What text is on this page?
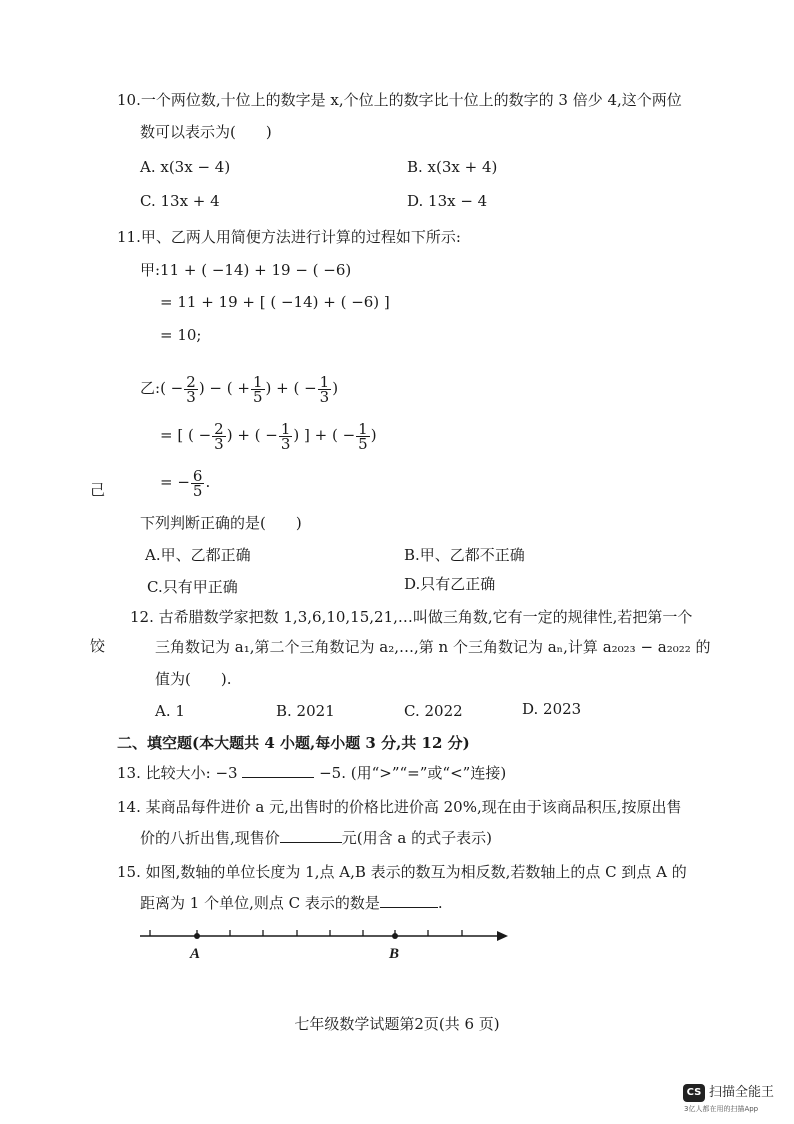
10.一个两位数,十位上的数字是 x,个位上的数字比十位上的数字的 3 倍少 4,这个两位
数可以表示为(　　)
A. x(3x − 4)	B. x(3x + 4)
C. 13x + 4	D. 13x − 4
11.甲、乙两人用简便方法进行计算的过程如下所示:
甲:11 + ( −14) + 19 − ( −6)
= 11 + 19 + [ ( −14) + ( −6) ]
= 10;
乙:( − $\frac{2}{3}$ ) − ( + $\frac{1}{5}$ ) + ( − $\frac{1}{3}$ )
= [ ( − $\frac{2}{3}$ ) + ( − $\frac{1}{3}$ ) ] + ( − $\frac{1}{5}$ )
= − $\frac{6}{5}$ .
己
下列判断正确的是(　　)
A.甲、乙都正确	B.甲、乙都不正确
C.只有甲正确	D.只有乙正确
12. 古希腊数学家把数 1,3,6,10,15,21,…叫做三角数,它有一定的规律性,若把第一个
饺	三角数记为 a₁,第二个三角数记为 a₂,…,第 n 个三角数记为 aₙ,计算 a₂₀₂₃ − a₂₀₂₂ 的
值为(　　).
A. 1	B. 2021	C. 2022	D. 2023
二、填空题(本大题共 4 小题,每小题 3 分,共 12 分)
13. 比较大小: −3	−5. (用“>”“=”或“<”连接)
14. 某商品每件进价 a 元,出售时的价格比进价高 20%,现在由于该商品积压,按原出售
价的八折出售,现售价	元(用含 a 的式子表示)
15. 如图,数轴的单位长度为 1,点 A,B 表示的数互为相反数,若数轴上的点 C 到点 A 的
距离为 1 个单位,则点 C 表示的数是	.
A	B
七年级数学试题第2页(共 6 页)
CS 扫描全能王
3亿人都在用的扫描App
